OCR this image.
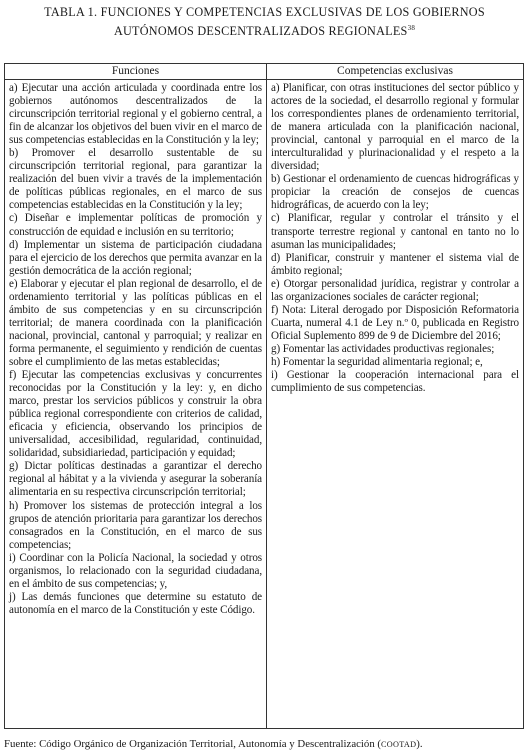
TABLA 1. FUNCIONES Y COMPETENCIAS EXCLUSIVAS DE LOS GOBIERNOS
AUTÓNOMOS DESCENTRALIZADOS REGIONALES$^{38}$
Funciones	Competencias exclusivas

a) Ejecutar una acción articulada y coordinada entre los gobiernos autónomos descentralizados de la circunscripción territorial regional y el gobierno central, a fin de alcanzar los objetivos del buen vivir en el marco de sus competencias establecidas en la Constitución y la ley;

b) Promover el desarrollo sustentable de su circunscripción territorial regional, para garantizar la realización del buen vivir a través de la implementación de políticas públicas regionales, en el marco de sus competencias establecidas en la Constitución y la ley;

c) Diseñar e implementar políticas de promoción y construcción de equidad e inclusión en su territorio;

d) Implementar un sistema de participación ciudadana para el ejercicio de los derechos que permita avanzar en la gestión democrática de la acción regional;

e) Elaborar y ejecutar el plan regional de desarrollo, el de ordenamiento territorial y las políticas públicas en el ámbito de sus competencias y en su circunscripción territorial; de manera coordinada con la planificación nacional, provincial, cantonal y parroquial; y realizar en forma permanente, el seguimiento y rendición de cuentas sobre el cumplimiento de las metas establecidas;

f) Ejecutar las competencias exclusivas y concurrentes reconocidas por la Constitución y la ley: y, en dicho marco, prestar los servicios públicos y construir la obra pública regional correspondiente con criterios de calidad, eficacia y eficiencia, observando los principios de universalidad, accesibilidad, regularidad, continuidad, solidaridad, subsidiariedad, participación y equidad;

g) Dictar políticas destinadas a garantizar el derecho regional al hábitat y a la vivienda y asegurar la soberanía alimentaria en su respectiva circunscripción territorial;

h) Promover los sistemas de protección integral a los grupos de atención prioritaria para garantizar los derechos consagrados en la Constitución, en el marco de sus competencias;

i) Coordinar con la Policía Nacional, la sociedad y otros organismos, lo relacionado con la seguridad ciudadana, en el ámbito de sus competencias; y,

j) Las demás funciones que determine su estatuto de autonomía en el marco de la Constitución y este Código.

a) Planificar, con otras instituciones del sector público y actores de la sociedad, el desarrollo regional y formular los correspondientes planes de ordenamiento territorial, de manera articulada con la planificación nacional, provincial, cantonal y parroquial en el marco de la interculturalidad y plurinacionalidad y el respeto a la diversidad;

b) Gestionar el ordenamiento de cuencas hidrográficas y propiciar la creación de consejos de cuencas hidrográficas, de acuerdo con la ley;

c) Planificar, regular y controlar el tránsito y el transporte terrestre regional y cantonal en tanto no lo asuman las municipalidades;

d) Planificar, construir y mantener el sistema vial de ámbito regional;

e) Otorgar personalidad jurídica, registrar y controlar a las organizaciones sociales de carácter regional;

f) Nota: Literal derogado por Disposición Reformatoria Cuarta, numeral 4.1 de Ley n.º 0, publicada en Registro Oficial Suplemento 899 de 9 de Diciembre del 2016;

g) Fomentar las actividades productivas regionales;

h) Fomentar la seguridad alimentaria regional; e,

i) Gestionar la cooperación internacional para el cumplimiento de sus competencias.

Fuente: Código Orgánico de Organización Territorial, Autonomía y Descentralización (COOTAD).
